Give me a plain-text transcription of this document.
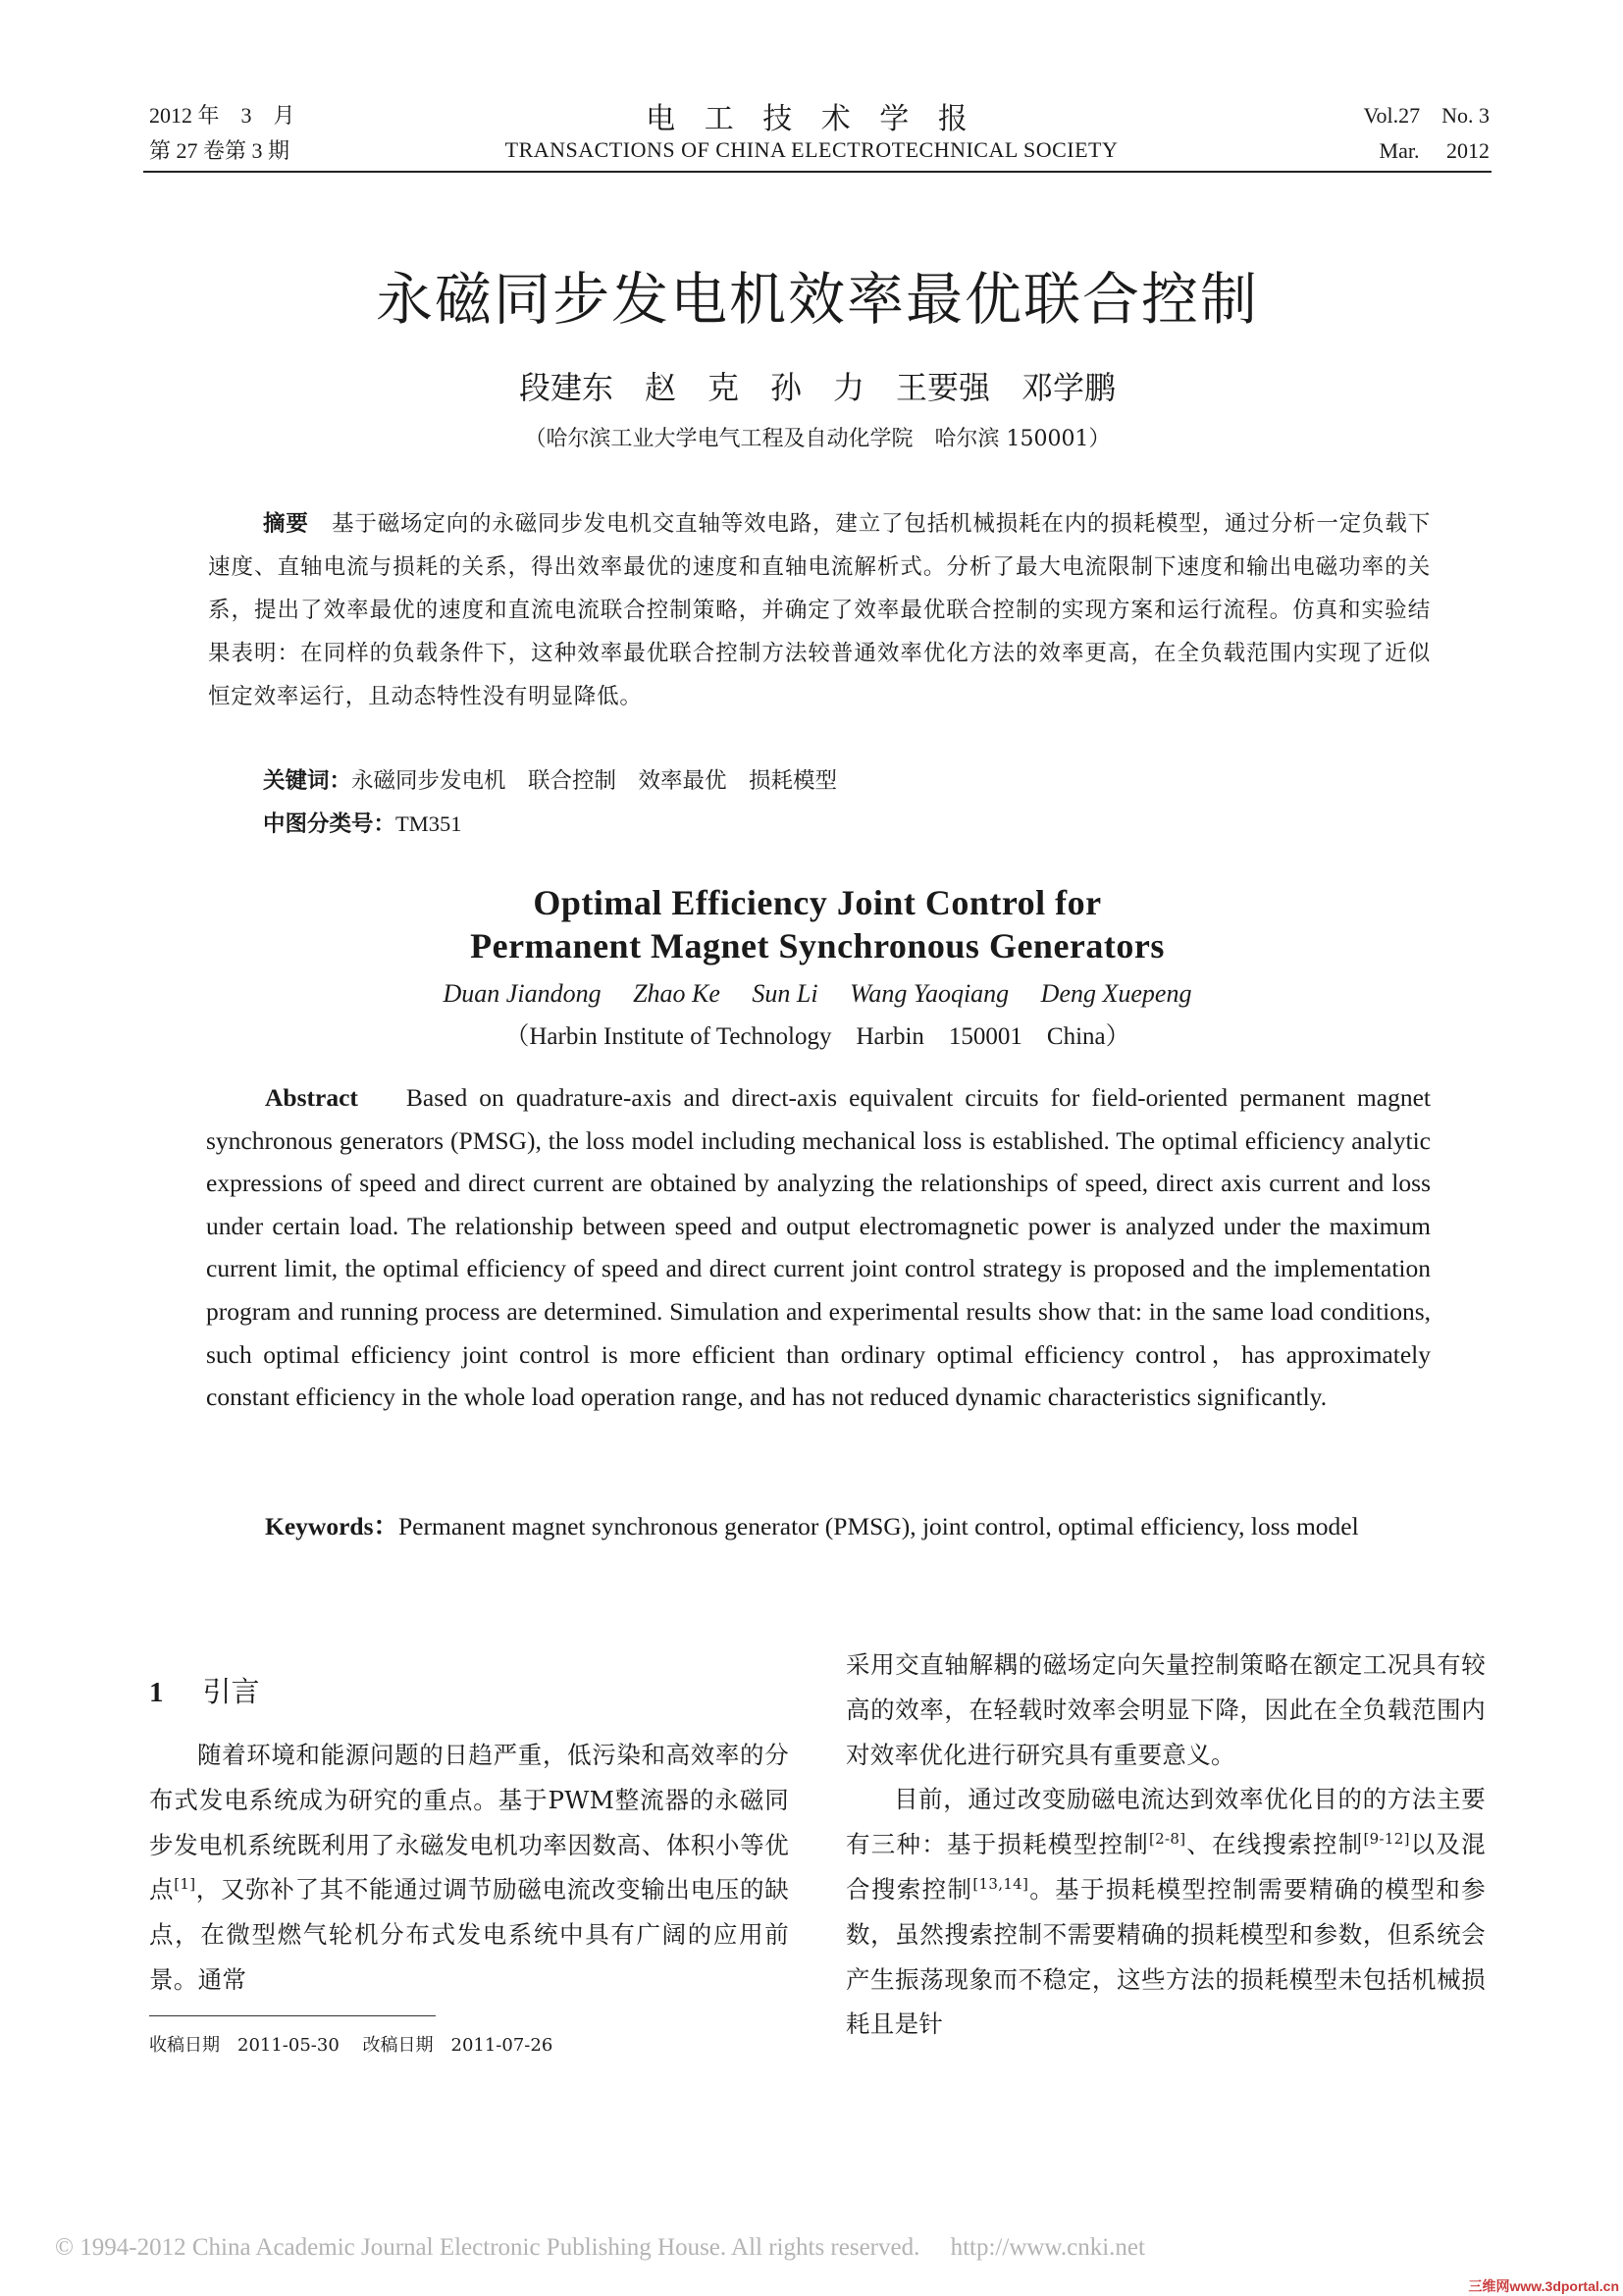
2012 年　3　月
第 27 卷第 3 期
电 工 技 术 学 报
TRANSACTIONS OF CHINA ELECTROTECHNICAL SOCIETY
Vol.27　No. 3
Mar.　 2012
永磁同步发电机效率最优联合控制
段建东　赵　克　孙　力　王要强　邓学鹏
（哈尔滨工业大学电气工程及自动化学院　哈尔滨 150001）
摘要　 基于磁场定向的永磁同步发电机交直轴等效电路，建立了包括机械损耗在内的损耗模型，通过分析一定负载下速度、直轴电流与损耗的关系，得出效率最优的速度和直轴电流解析式。分析了最大电流限制下速度和输出电磁功率的关系，提出了效率最优的速度和直流电流联合控制策略，并确定了效率最优联合控制的实现方案和运行流程。仿真和实验结果表明：在同样的负载条件下，这种效率最优联合控制方法较普通效率优化方法的效率更高，在全负载范围内实现了近似恒定效率运行，且动态特性没有明显降低。
关键词：永磁同步发电机　联合控制　效率最优　损耗模型
中图分类号：TM351
Optimal Efficiency Joint Control for
Permanent Magnet Synchronous Generators
Duan Jiandong　 Zhao Ke　 Sun Li　 Wang Yaoqiang　 Deng Xuepeng
（Harbin Institute of Technology　Harbin　150001　China）
Abstract　 Based on quadrature-axis and direct-axis equivalent circuits for field-oriented permanent magnet synchronous generators (PMSG), the loss model including mechanical loss is established. The optimal efficiency analytic expressions of speed and direct current are obtained by analyzing the relationships of speed, direct axis current and loss under certain load. The relationship between speed and output electromagnetic power is analyzed under the maximum current limit, the optimal efficiency of speed and direct current joint control strategy is proposed and the implementation program and running process are determined. Simulation and experimental results show that: in the same load conditions, such optimal efficiency joint control is more efficient than ordinary optimal efficiency control，has approximately constant efficiency in the whole load operation range, and has not reduced dynamic characteristics significantly.
Keywords：Permanent magnet synchronous generator (PMSG), joint control, optimal efficiency, loss model
1 引言

随着环境和能源问题的日趋严重，低污染和高效率的分布式发电系统成为研究的重点。基于PWM整流器的永磁同步发电机系统既利用了永磁发电机功率因数高、体积小等优点[1]，又弥补了其不能通过调节励磁电流改变输出电压的缺点，在微型燃气轮机分布式发电系统中具有广阔的应用前景。通常

采用交直轴解耦的磁场定向矢量控制策略在额定工况具有较高的效率，在轻载时效率会明显下降，因此在全负载范围内对效率优化进行研究具有重要意义。

目前，通过改变励磁电流达到效率优化目的的方法主要有三种：基于损耗模型控制[2-8]、在线搜索控制[9-12]以及混合搜索控制[13,14]。基于损耗模型控制需要精确的模型和参数，虽然搜索控制不需要精确的损耗模型和参数，但系统会产生振荡现象而不稳定，这些方法的损耗模型未包括机械损耗且是针

收稿日期　2011-05-30　 改稿日期　2011-07-26
© 1994-2012 China Academic Journal Electronic Publishing House. All rights reserved.　 http://www.cnki.net
三维网www.3dportal.cn
